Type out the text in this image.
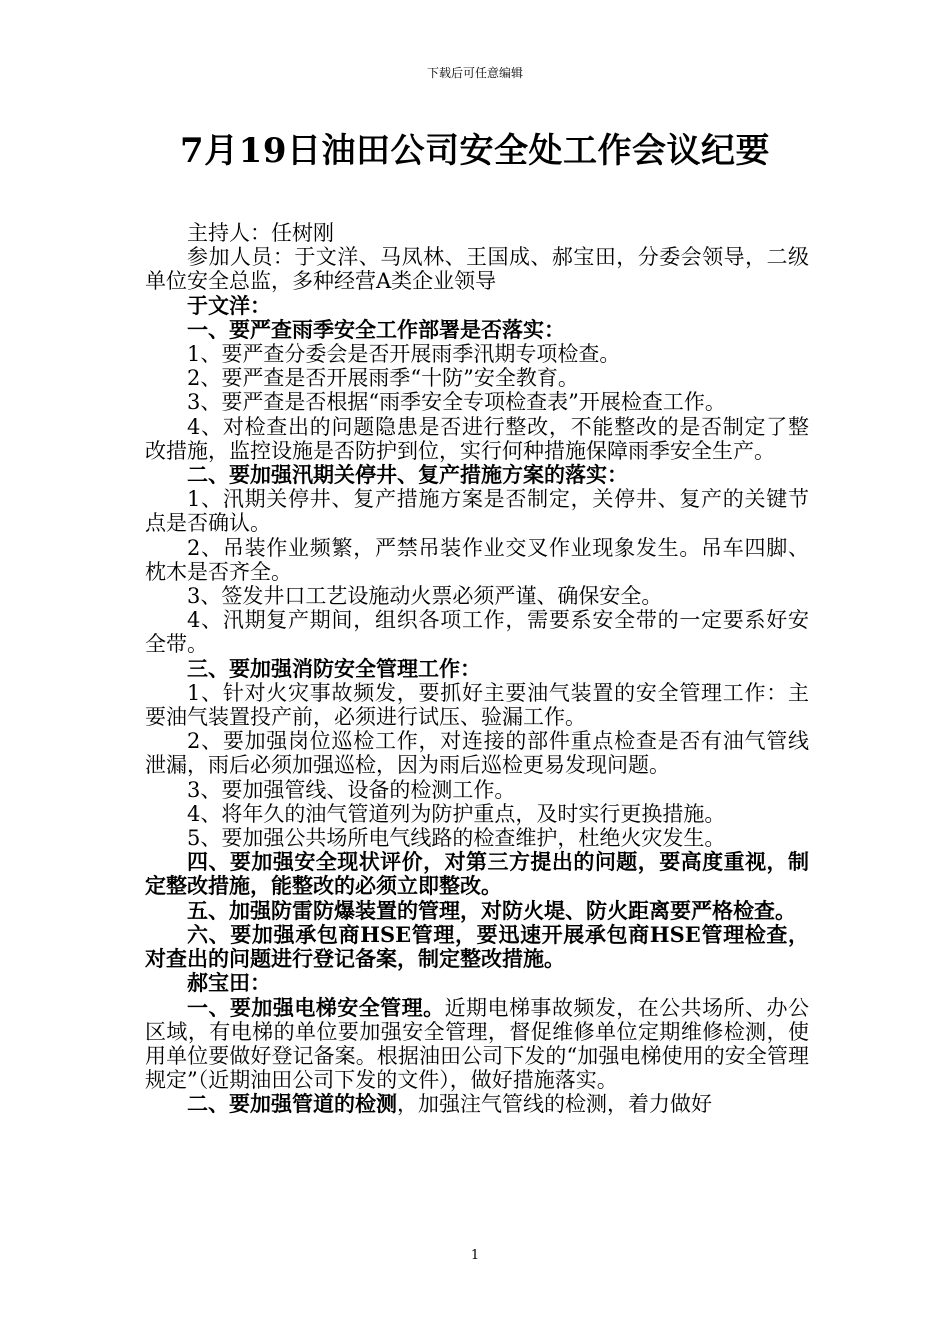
下载后可任意编辑
7月19日油田公司安全处工作会议纪要

主持人：任树刚

参加人员：于文洋、马凤林、王国成、郝宝田，分委会领导，二级单位安全总监，多种经营A类企业领导

于文洋：

一、要严查雨季安全工作部署是否落实：

1、要严查分委会是否开展雨季汛期专项检查。

2、要严查是否开展雨季“十防”安全教育。

3、要严查是否根据“雨季安全专项检查表”开展检查工作。

4、对检查出的问题隐患是否进行整改，不能整改的是否制定了整改措施，监控设施是否防护到位，实行何种措施保障雨季安全生产。

二、要加强汛期关停井、复产措施方案的落实：

1、汛期关停井、复产措施方案是否制定，关停井、复产的关键节点是否确认。

2、吊装作业频繁，严禁吊装作业交叉作业现象发生。吊车四脚、枕木是否齐全。

3、签发井口工艺设施动火票必须严谨、确保安全。

4、汛期复产期间，组织各项工作，需要系安全带的一定要系好安全带。

三、要加强消防安全管理工作：

1、针对火灾事故频发，要抓好主要油气装置的安全管理工作：主要油气装置投产前，必须进行试压、验漏工作。

2、要加强岗位巡检工作，对连接的部件重点检查是否有油气管线泄漏，雨后必须加强巡检，因为雨后巡检更易发现问题。

3、要加强管线、设备的检测工作。

4、将年久的油气管道列为防护重点，及时实行更换措施。

5、要加强公共场所电气线路的检查维护，杜绝火灾发生。

四、要加强安全现状评价，对第三方提出的问题，要高度重视，制定整改措施，能整改的必须立即整改。

五、加强防雷防爆装置的管理，对防火堤、防火距离要严格检查。

六、要加强承包商HSE管理，要迅速开展承包商HSE管理检查，对查出的问题进行登记备案，制定整改措施。

郝宝田：

一、要加强电梯安全管理。近期电梯事故频发，在公共场所、办公区域，有电梯的单位要加强安全管理，督促维修单位定期维修检测，使用单位要做好登记备案。根据油田公司下发的“加强电梯使用的安全管理规定”（近期油田公司下发的文件），做好措施落实。

二、要加强管道的检测，加强注气管线的检测，着力做好

1
